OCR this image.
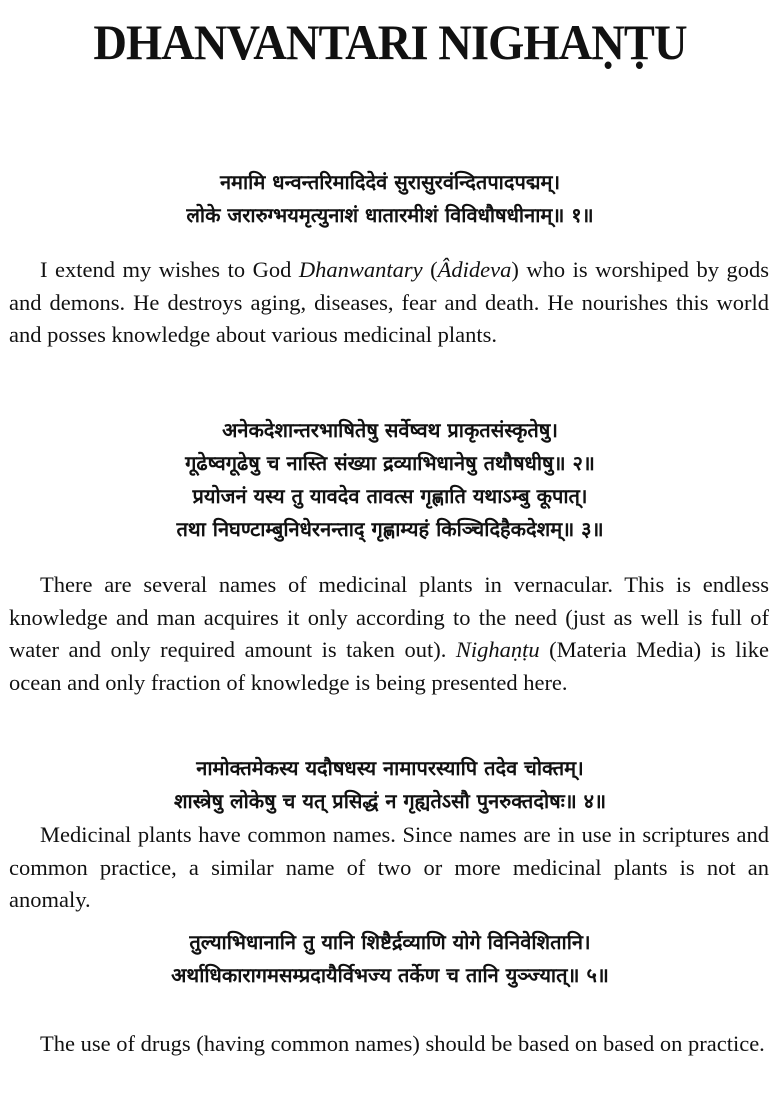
DHANVANTARI NIGHAṆṬU
नमामि धन्वन्तरिमादिदेवं सुरासुरवंन्दितपादपद्मम्।
लोके जरारुग्भयमृत्युनाशं धातारमीशं विविधौषधीनाम्॥ १॥
I extend my wishes to God Dhanwantary (Âdideva) who is worshiped by gods and demons. He destroys aging, diseases, fear and death. He nourishes this world and posses knowledge about various medicinal plants.
अनेकदेशान्तरभाषितेषु सर्वेष्वथ प्राकृतसंस्कृतेषु।
गूढेष्वगूढेषु च नास्ति संख्या द्रव्याभिधानेषु तथौषधीषु॥ २॥
प्रयोजनं यस्य तु यावदेव तावत्स गृह्णाति यथाऽम्बु कूपात्।
तथा निघण्टाम्बुनिधेरनन्ताद् गृह्णाम्यहं किञ्चिदिहैकदेशम्॥ ३॥
There are several names of medicinal plants in vernacular. This is endless knowledge and man acquires it only according to the need (just as well is full of water and only required amount is taken out). Nighaṇṭu (Materia Media) is like ocean and only fraction of knowledge is being presented here.
नामोक्तमेकस्य यदौषधस्य नामापरस्यापि तदेव चोक्तम्।
शास्त्रेषु लोकेषु च यत् प्रसिद्धं न गृह्यतेऽसौ पुनरुक्तदोषः॥ ४॥
Medicinal plants have common names. Since names are in use in scriptures and common practice, a similar name of two or more medicinal plants is not an anomaly.
तुल्याभिधानानि तु यानि शिष्टैर्द्रव्याणि योगे विनिवेशितानि।
अर्थाधिकारागमसम्प्रदायैर्विभज्य तर्केण च तानि युञ्ज्यात्॥ ५॥
The use of drugs (having common names) should be based on based on practice.
